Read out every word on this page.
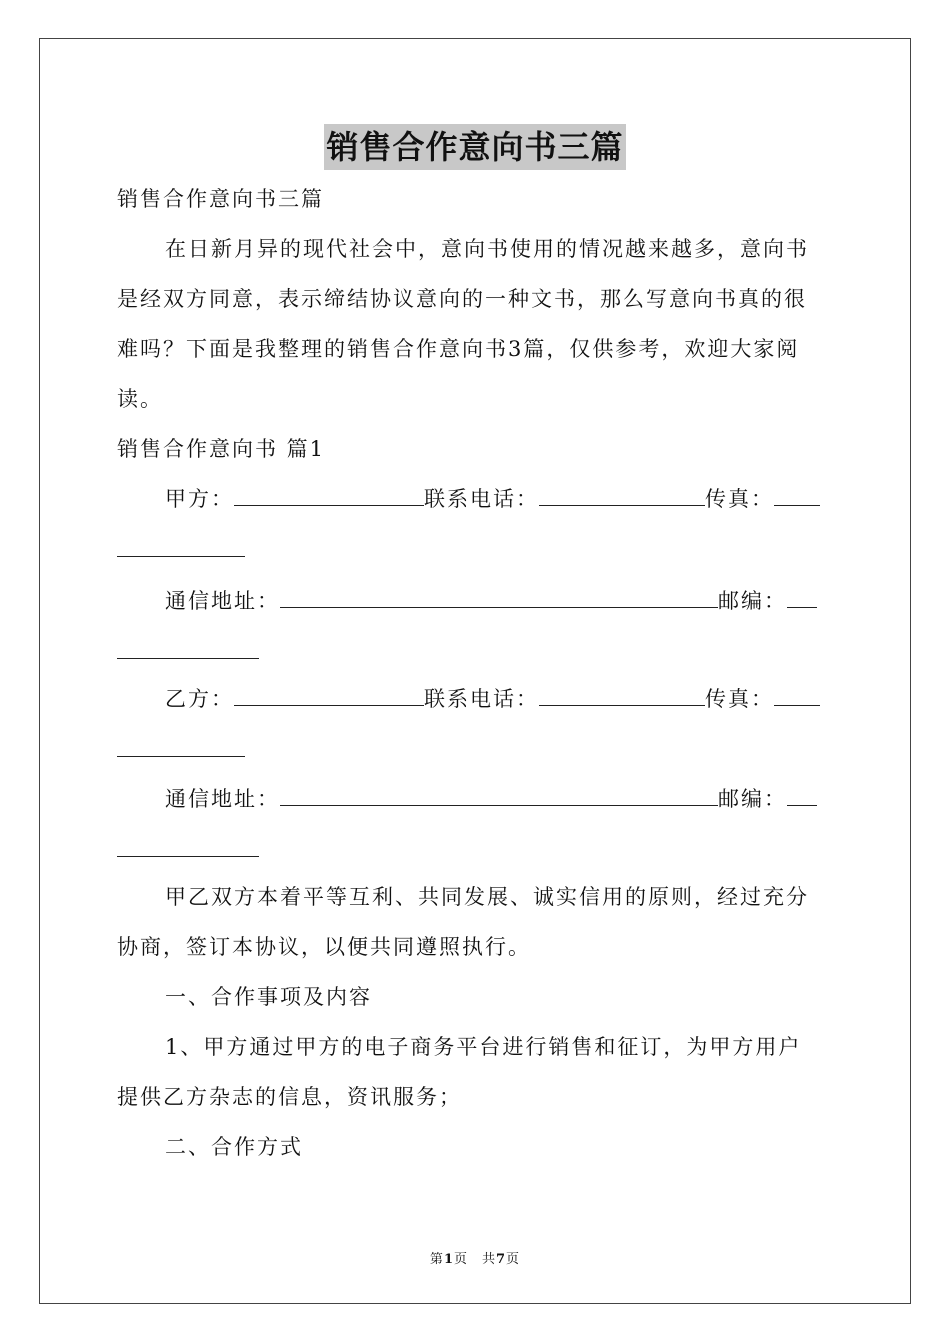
销售合作意向书三篇
销售合作意向书三篇
在日新月异的现代社会中，意向书使用的情况越来越多，意向书
是经双方同意，表示缔结协议意向的一种文书，那么写意向书真的很
难吗？下面是我整理的销售合作意向书3篇，仅供参考，欢迎大家阅
读。
销售合作意向书 篇1
甲方：	联系电话：	传真：
通信地址：	邮编：
乙方：	联系电话：	传真：
通信地址：	邮编：
甲乙双方本着平等互利、共同发展、诚实信用的原则，经过充分
协商，签订本协议，以便共同遵照执行。
一、合作事项及内容
1、甲方通过甲方的电子商务平台进行销售和征订，为甲方用户
提供乙方杂志的信息，资讯服务；
二、合作方式
第1页　共7页
